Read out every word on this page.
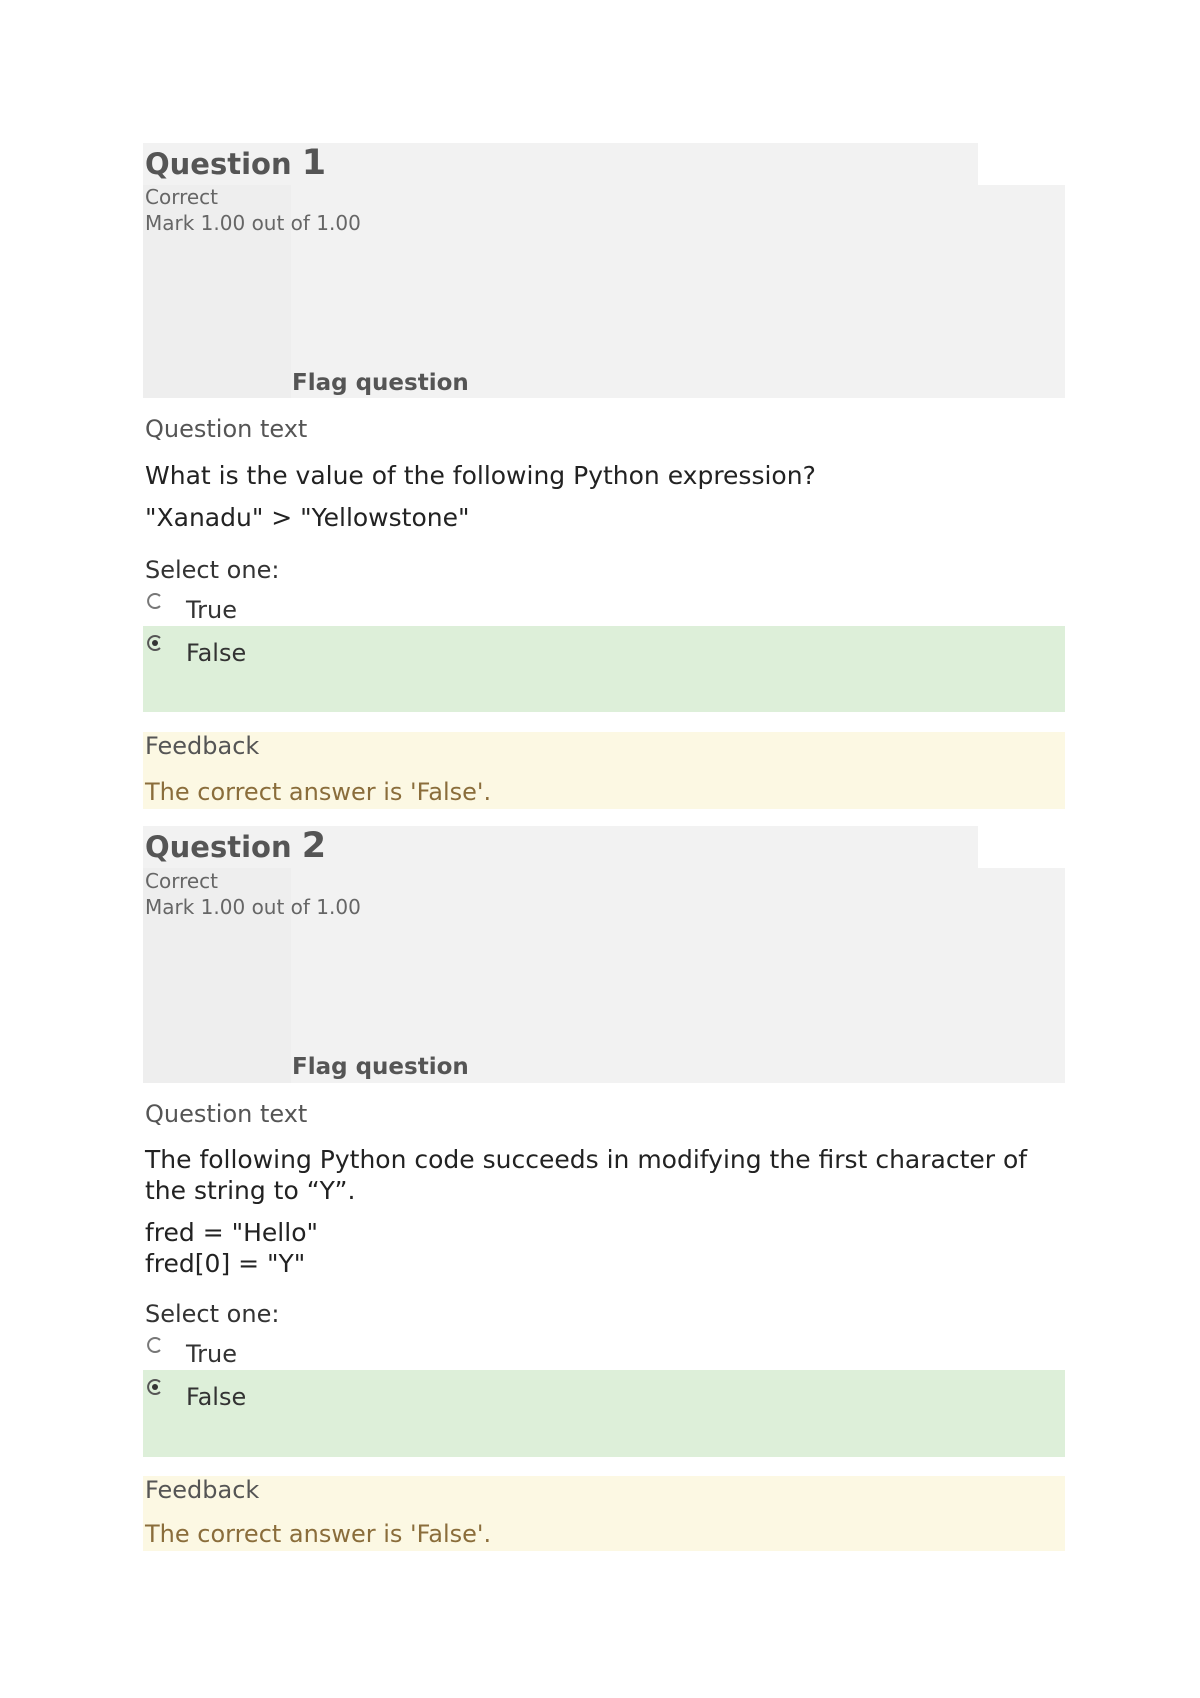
Question 1
Correct
Mark 1.00 out of 1.00
Flag question
Question text
What is the value of the following Python expression?
"Xanadu" > "Yellowstone"
Select one:
True
False
Feedback
The correct answer is 'False'.
Question 2
Correct
Mark 1.00 out of 1.00
Flag question
Question text
The following Python code succeeds in modifying the first character of the string to “Y”.
fred = "Hello"
fred[0] = "Y"
Select one:
True
False
Feedback
The correct answer is 'False'.
